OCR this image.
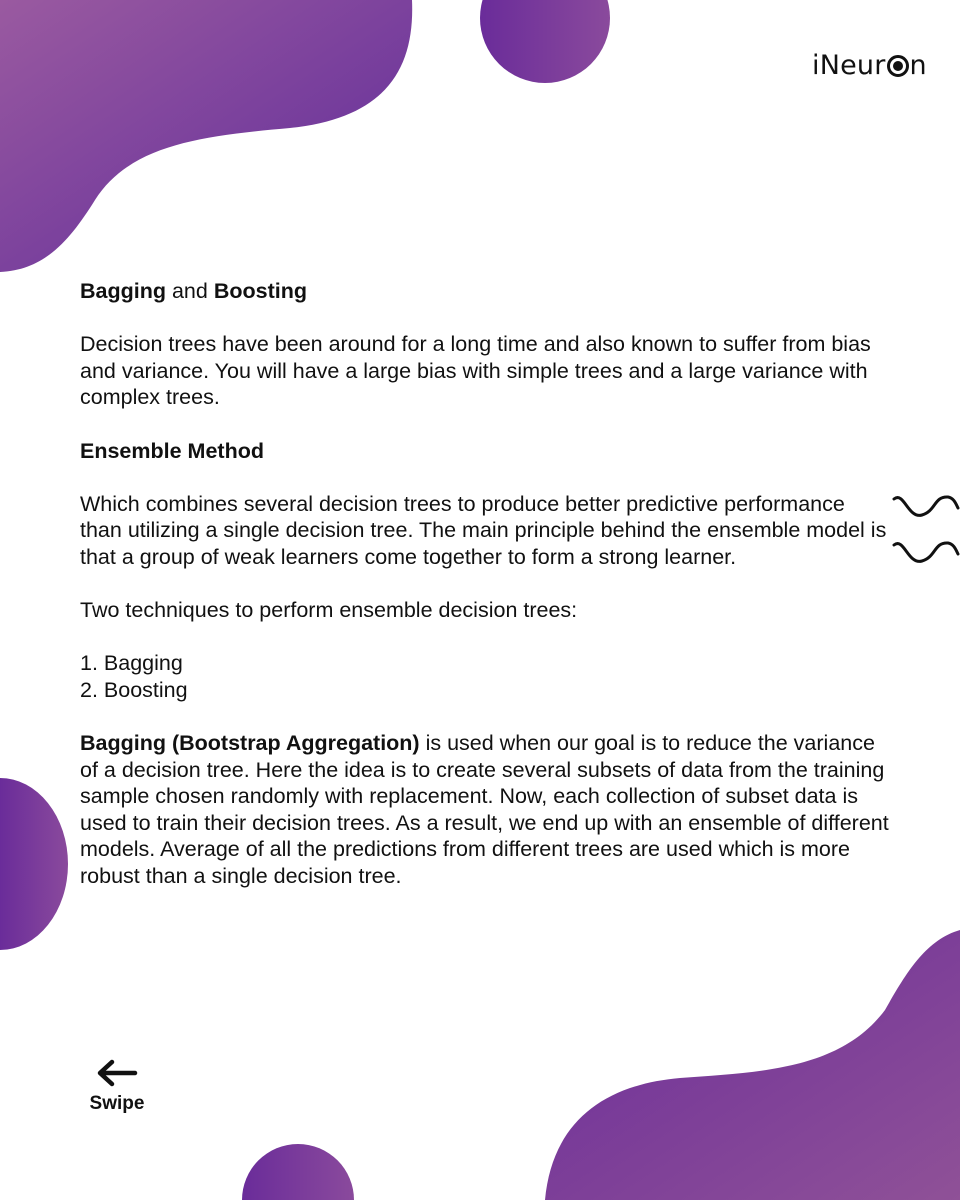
iNeur n

Bagging and Boosting

Decision trees have been around for a long time and also known to suffer from bias and variance. You will have a large bias with simple trees and a large variance with complex trees.

Ensemble Method

Which combines several decision trees to produce better predictive performance than utilizing a single decision tree. The main principle behind the ensemble model is that a group of weak learners come together to form a strong learner.

Two techniques to perform ensemble decision trees:

1. Bagging
2. Boosting

Bagging (Bootstrap Aggregation) is used when our goal is to reduce the variance of a decision tree. Here the idea is to create several subsets of data from the training sample chosen randomly with replacement. Now, each collection of subset data is used to train their decision trees. As a result, we end up with an ensemble of different models. Average of all the predictions from different trees are used which is more robust than a single decision tree.

Swipe
